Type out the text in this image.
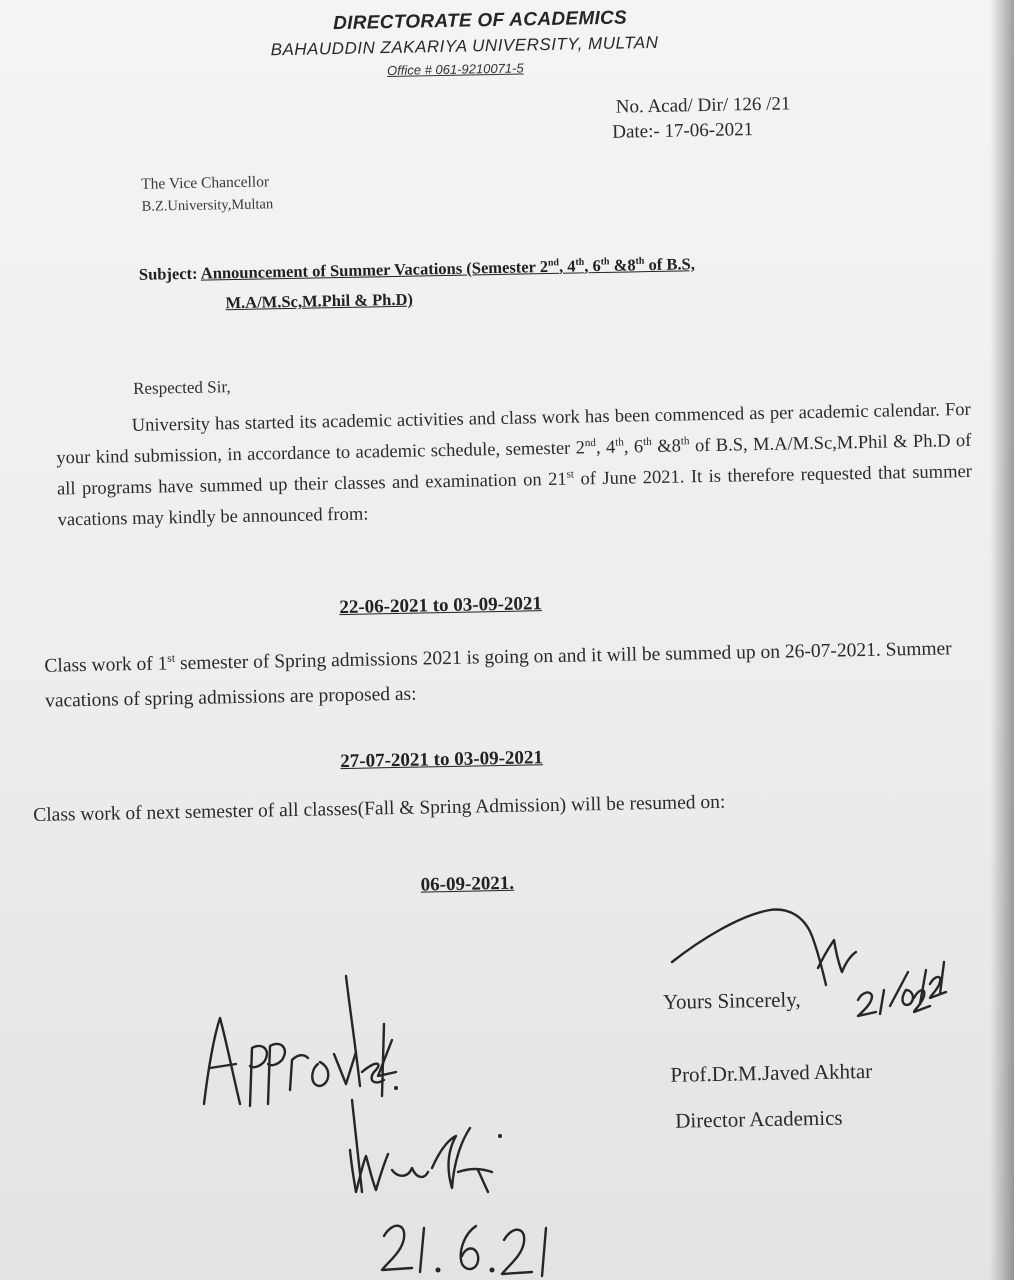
DIRECTORATE OF ACADEMICS
BAHAUDDIN ZAKARIYA UNIVERSITY, MULTAN
Office # 061-9210071-5
No. Acad/ Dir/ 126 /21
Date:- 17-06-2021
The Vice Chancellor
B.Z.University,Multan
Subject: Announcement of Summer Vacations (Semester 2nd, 4th, 6th &8th of B.S,
M.A/M.Sc,M.Phil & Ph.D)
Respected Sir,
University has started its academic activities and class work has been commenced as per academic calendar. For your kind submission, in accordance to academic schedule, semester 2nd, 4th, 6th &8th of B.S, M.A/M.Sc,M.Phil & Ph.D of all programs have summed up their classes and examination on 21st of June 2021. It is therefore requested that summer vacations may kindly be announced from:
22-06-2021 to 03-09-2021
Class work of 1st semester of Spring admissions 2021 is going on and it will be summed up on 26-07-2021. Summer vacations of spring admissions are proposed as:
27-07-2021 to 03-09-2021
Class work of next semester of all classes(Fall & Spring Admission) will be resumed on:
06-09-2021.
Yours Sincerely,
Prof.Dr.M.Javed Akhtar
Director Academics
